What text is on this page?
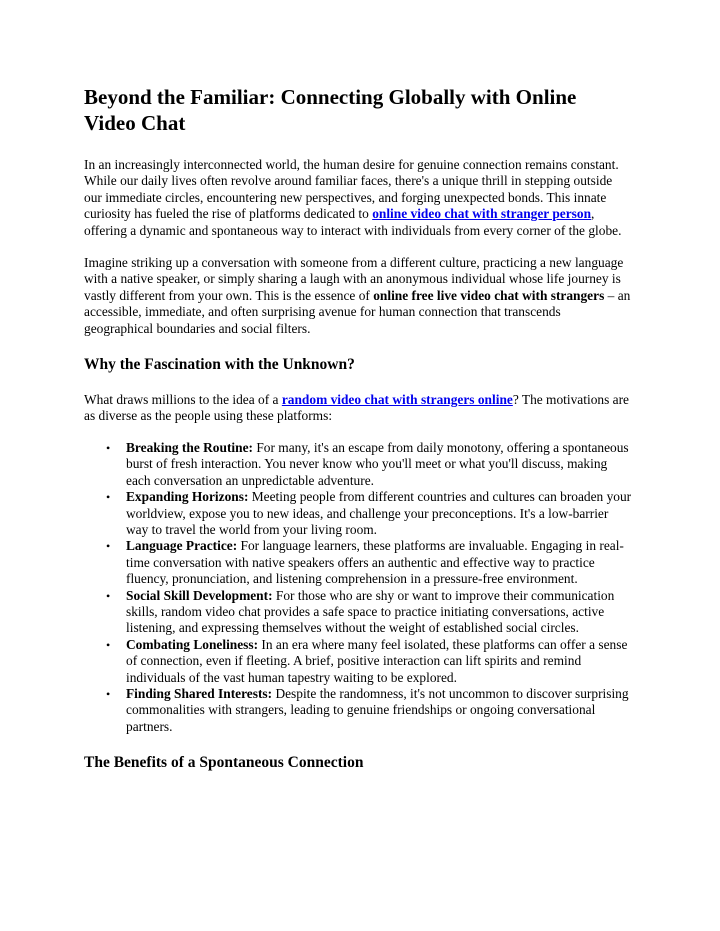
Beyond the Familiar: Connecting Globally with Online Video Chat

In an increasingly interconnected world, the human desire for genuine connection remains constant. While our daily lives often revolve around familiar faces, there's a unique thrill in stepping outside our immediate circles, encountering new perspectives, and forging unexpected bonds. This innate curiosity has fueled the rise of platforms dedicated to online video chat with stranger person, offering a dynamic and spontaneous way to interact with individuals from every corner of the globe.

Imagine striking up a conversation with someone from a different culture, practicing a new language with a native speaker, or simply sharing a laugh with an anonymous individual whose life journey is vastly different from your own. This is the essence of online free live video chat with strangers – an accessible, immediate, and often surprising avenue for human connection that transcends geographical boundaries and social filters.

Why the Fascination with the Unknown?

What draws millions to the idea of a random video chat with strangers online? The motivations are as diverse as the people using these platforms:

• Breaking the Routine: For many, it's an escape from daily monotony, offering a spontaneous burst of fresh interaction. You never know who you'll meet or what you'll discuss, making each conversation an unpredictable adventure.
• Expanding Horizons: Meeting people from different countries and cultures can broaden your worldview, expose you to new ideas, and challenge your preconceptions. It's a low-barrier way to travel the world from your living room.
• Language Practice: For language learners, these platforms are invaluable. Engaging in real-time conversation with native speakers offers an authentic and effective way to practice fluency, pronunciation, and listening comprehension in a pressure-free environment.
• Social Skill Development: For those who are shy or want to improve their communication skills, random video chat provides a safe space to practice initiating conversations, active listening, and expressing themselves without the weight of established social circles.
• Combating Loneliness: In an era where many feel isolated, these platforms can offer a sense of connection, even if fleeting. A brief, positive interaction can lift spirits and remind individuals of the vast human tapestry waiting to be explored.
• Finding Shared Interests: Despite the randomness, it's not uncommon to discover surprising commonalities with strangers, leading to genuine friendships or ongoing conversational partners.
The Benefits of a Spontaneous Connection
